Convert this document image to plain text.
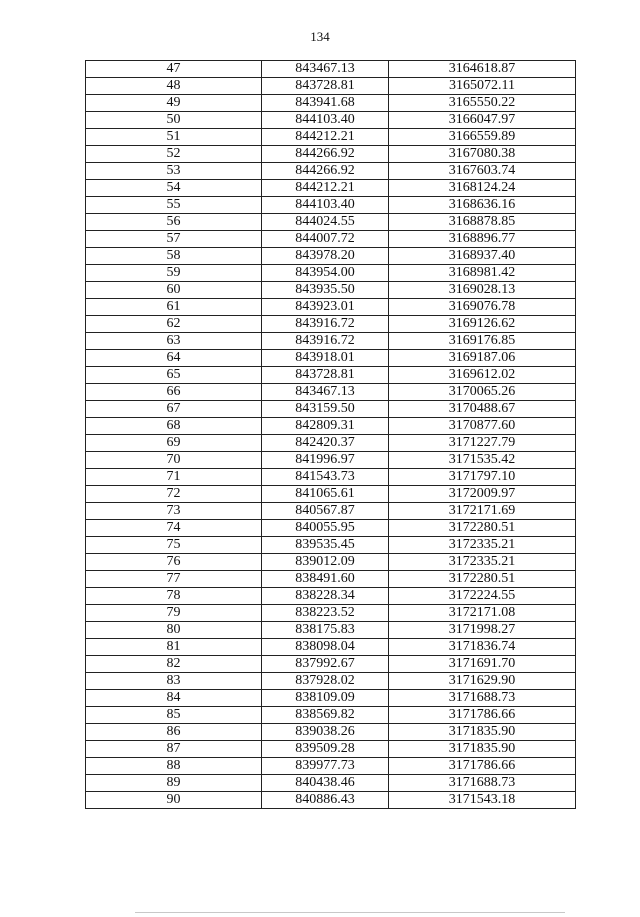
134
47	843467.13	3164618.87
48	843728.81	3165072.11
49	843941.68	3165550.22
50	844103.40	3166047.97
51	844212.21	3166559.89
52	844266.92	3167080.38
53	844266.92	3167603.74
54	844212.21	3168124.24
55	844103.40	3168636.16
56	844024.55	3168878.85
57	844007.72	3168896.77
58	843978.20	3168937.40
59	843954.00	3168981.42
60	843935.50	3169028.13
61	843923.01	3169076.78
62	843916.72	3169126.62
63	843916.72	3169176.85
64	843918.01	3169187.06
65	843728.81	3169612.02
66	843467.13	3170065.26
67	843159.50	3170488.67
68	842809.31	3170877.60
69	842420.37	3171227.79
70	841996.97	3171535.42
71	841543.73	3171797.10
72	841065.61	3172009.97
73	840567.87	3172171.69
74	840055.95	3172280.51
75	839535.45	3172335.21
76	839012.09	3172335.21
77	838491.60	3172280.51
78	838228.34	3172224.55
79	838223.52	3172171.08
80	838175.83	3171998.27
81	838098.04	3171836.74
82	837992.67	3171691.70
83	837928.02	3171629.90
84	838109.09	3171688.73
85	838569.82	3171786.66
86	839038.26	3171835.90
87	839509.28	3171835.90
88	839977.73	3171786.66
89	840438.46	3171688.73
90	840886.43	3171543.18
